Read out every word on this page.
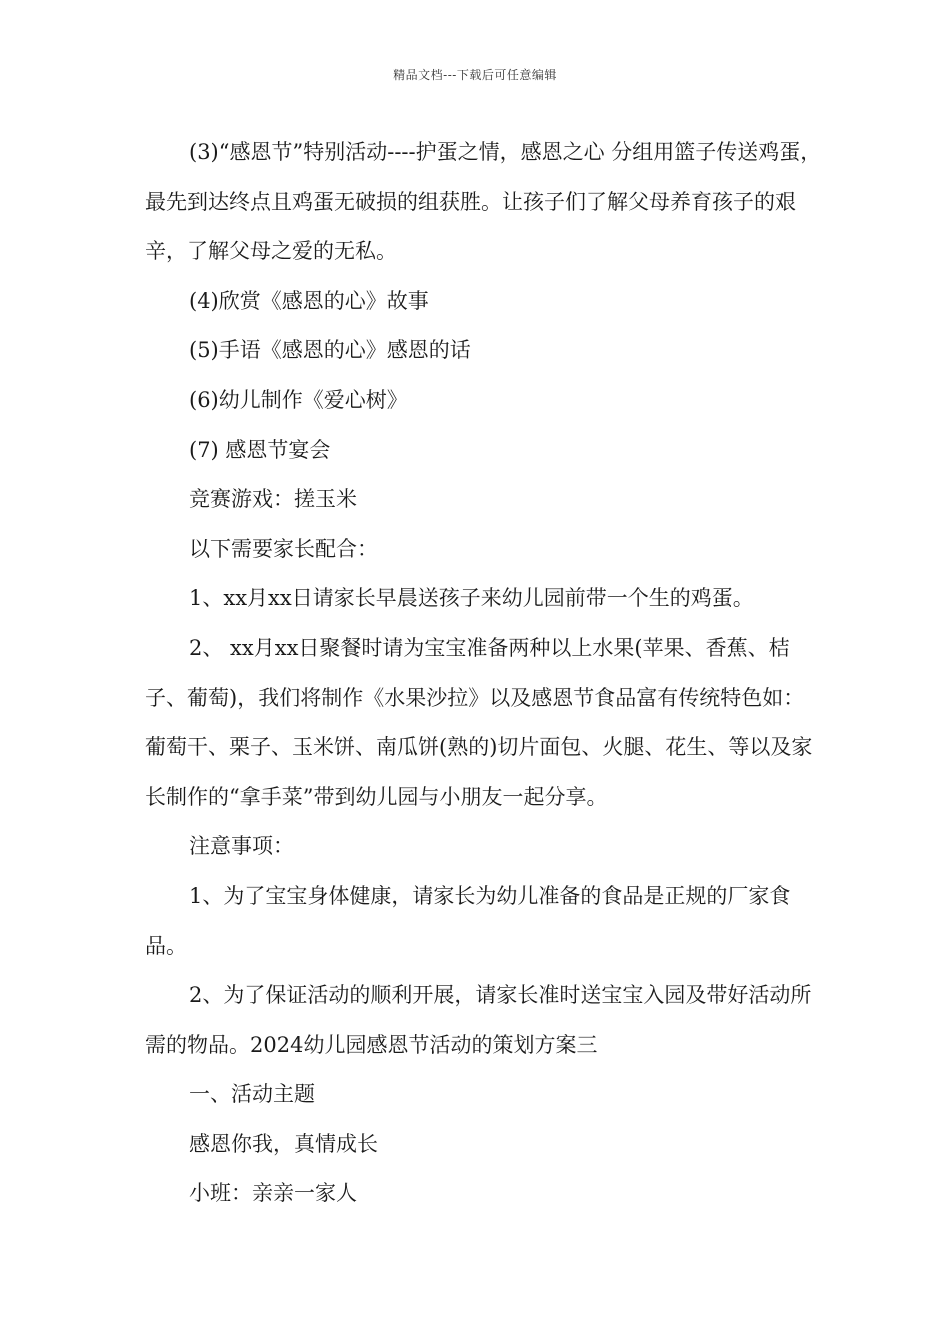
精品文档---下载后可任意编辑

(3)“感恩节”特别活动----护蛋之情，感恩之心 分组用篮子传送鸡蛋，最先到达终点且鸡蛋无破损的组获胜。让孩子们了解父母养育孩子的艰辛，了解父母之爱的无私。

(4)欣赏《感恩的心》故事

(5)手语《感恩的心》感恩的话

(6)幼儿制作《爱心树》

(7) 感恩节宴会

竞赛游戏：搓玉米

以下需要家长配合：

1、xx月xx日请家长早晨送孩子来幼儿园前带一个生的鸡蛋。

2、 xx月xx日聚餐时请为宝宝准备两种以上水果(苹果、香蕉、桔子、葡萄)，我们将制作《水果沙拉》以及感恩节食品富有传统特色如：葡萄干、栗子、玉米饼、南瓜饼(熟的)切片面包、火腿、花生、等以及家长制作的“拿手菜”带到幼儿园与小朋友一起分享。

注意事项：

1、为了宝宝身体健康，请家长为幼儿准备的食品是正规的厂家食品。

2、为了保证活动的顺利开展，请家长准时送宝宝入园及带好活动所需的物品。2024幼儿园感恩节活动的策划方案三

一、活动主题

感恩你我，真情成长

小班：亲亲一家人
